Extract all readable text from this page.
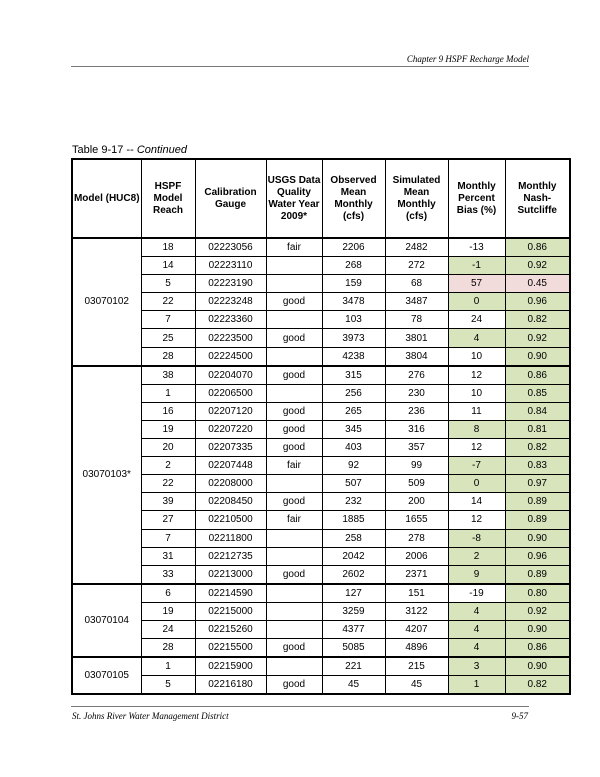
Chapter 9 HSPF Recharge Model
Table 9-17 -- Continued
Model (HUC8)	HSPF Model Reach	Calibration Gauge	USGS Data Quality Water Year 2009*	Observed Mean Monthly (cfs)	Simulated Mean Monthly (cfs)	Monthly Percent Bias (%)	Monthly Nash-Sutcliffe
03070102	18	02223056	fair	2206	2482	-13	0.86
	14	02223110		268	272	-1	0.92
	5	02223190		159	68	57	0.45
	22	02223248	good	3478	3487	0	0.96
	7	02223360		103	78	24	0.82
	25	02223500	good	3973	3801	4	0.92
	28	02224500		4238	3804	10	0.90
03070103*	38	02204070	good	315	276	12	0.86
	1	02206500		256	230	10	0.85
	16	02207120	good	265	236	11	0.84
	19	02207220	good	345	316	8	0.81
	20	02207335	good	403	357	12	0.82
	2	02207448	fair	92	99	-7	0.83
	22	02208000		507	509	0	0.97
	39	02208450	good	232	200	14	0.89
	27	02210500	fair	1885	1655	12	0.89
	7	02211800		258	278	-8	0.90
	31	02212735		2042	2006	2	0.96
	33	02213000	good	2602	2371	9	0.89
03070104	6	02214590		127	151	-19	0.80
	19	02215000		3259	3122	4	0.92
	24	02215260		4377	4207	4	0.90
	28	02215500	good	5085	4896	4	0.86
03070105	1	02215900		221	215	3	0.90
	5	02216180	good	45	45	1	0.82
St. Johns River Water Management District	9-57
